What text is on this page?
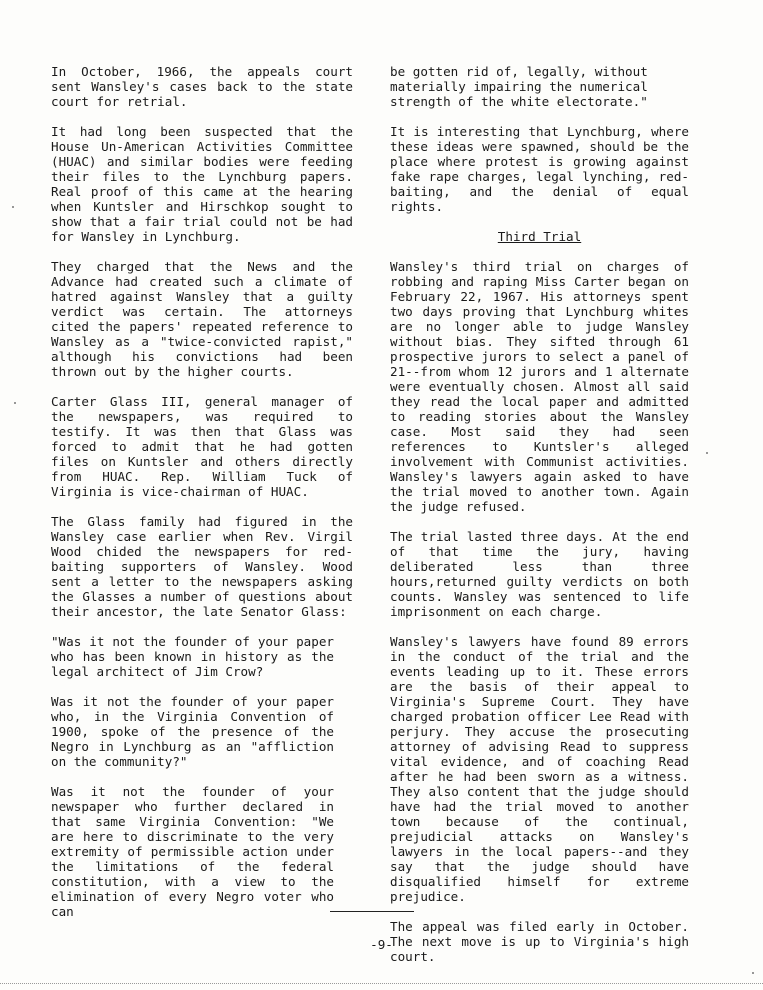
In October, 1966, the appeals court sent Wansley's cases back to the state court for retrial.

It had long been suspected that the House Un-American Activities Committee (HUAC) and similar bodies were feeding their files to the Lynchburg papers. Real proof of this came at the hearing when Kuntsler and Hirschkop sought to show that a fair trial could not be had for Wansley in Lynchburg.

They charged that the News and the Advance had created such a climate of hatred against Wansley that a guilty verdict was certain. The attorneys cited the papers' repeated reference to Wansley as a "twice-convicted rapist," although his convictions had been thrown out by the higher courts.

Carter Glass III, general manager of the newspapers, was required to testify. It was then that Glass was forced to admit that he had gotten files on Kuntsler and others directly from HUAC. Rep. William Tuck of Virginia is vice-chairman of HUAC.

The Glass family had figured in the Wansley case earlier when Rev. Virgil Wood chided the newspapers for red-baiting supporters of Wansley. Wood sent a letter to the newspapers asking the Glasses a number of questions about their ancestor, the late Senator Glass:

"Was it not the founder of your paper who has been known in history as the legal architect of Jim Crow?

Was it not the founder of your paper who, in the Virginia Convention of 1900, spoke of the presence of the Negro in Lynchburg as an "affliction on the community?"

Was it not the founder of your newspaper who further declared in that same Virginia Convention: "We are here to discriminate to the very extremity of permissible action under the limitations of the federal constitution, with a view to the elimination of every Negro voter who can

be gotten rid of, legally, without materially impairing the numerical strength of the white electorate."

It is interesting that Lynchburg, where these ideas were spawned, should be the place where protest is growing against fake rape charges, legal lynching, red-baiting, and the denial of equal rights.

Third Trial

Wansley's third trial on charges of robbing and raping Miss Carter began on February 22, 1967. His attorneys spent two days proving that Lynchburg whites are no longer able to judge Wansley without bias. They sifted through 61 prospective jurors to select a panel of 21--from whom 12 jurors and 1 alternate were eventually chosen. Almost all said they read the local paper and admitted to reading stories about the Wansley case. Most said they had seen references to Kuntsler's alleged involvement with Communist activities. Wansley's lawyers again asked to have the trial moved to another town. Again the judge refused.

The trial lasted three days. At the end of that time the jury, having deliberated less than three hours,returned guilty verdicts on both counts. Wansley was sentenced to life imprisonment on each charge.

Wansley's lawyers have found 89 errors in the conduct of the trial and the events leading up to it. These errors are the basis of their appeal to Virginia's Supreme Court. They have charged probation officer Lee Read with perjury. They accuse the prosecuting attorney of advising Read to suppress vital evidence, and of coaching Read after he had been sworn as a witness. They also content that the judge should have had the trial moved to another town because of the continual, prejudicial attacks on Wansley's lawyers in the local papers--and they say that the judge should have disqualified himself for extreme prejudice.

The appeal was filed early in October. The next move is up to Virginia's high court.

-9-
